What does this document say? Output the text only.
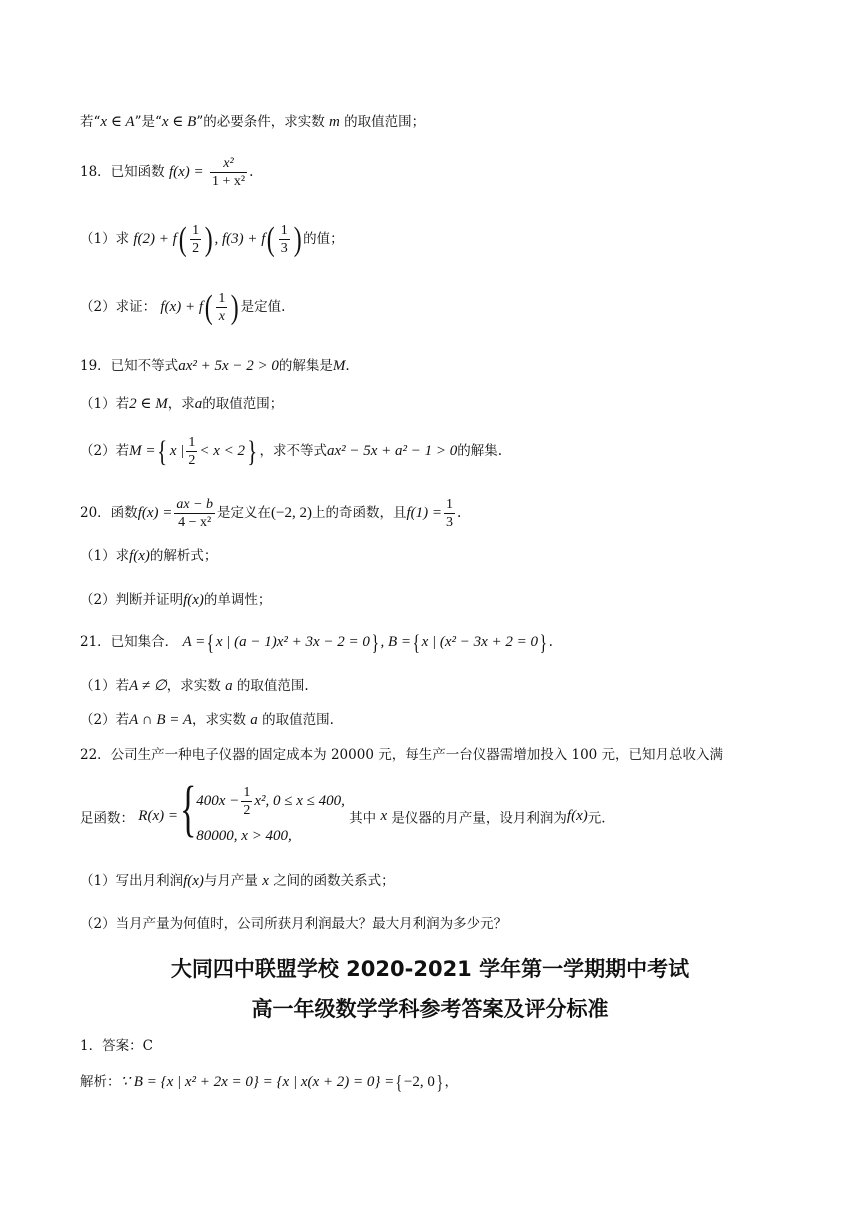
若“x ∈ A”是“x ∈ B”的必要条件，求实数 m 的取值范围；
18．已知函数 $f(x) = \frac{\text{x²}}{\text{1 + x²}}$ .
（1）求 $f(2) + f( \frac{1}{2}$ ) , $f(3) + f( \frac{1}{3}$ ) 的值；
（2）求证： $f(x) + f( \frac{1}{x}$ ) 是定值.
19．已知不等式ax² + 5x − 2 > 0的解集是M.
（1）若2 ∈ M，求a的取值范围；
（2）若M ={ x | $\frac{1}{2} < x < 2$} ，求不等式ax² − 5x + a² − 1 > 0的解集.
20．函数$f(x) = \frac{ax - b}{\text{4 − x²}}$ 是定义在(−2, 2)上的奇函数，且$f(1) = \frac{1}{3}$ .
（1）求f(x)的解析式；
（2）判断并证明f(x)的单调性；
21．已知集合． A ={ x | (a − 1)x² + 3x − 2 = 0} , B ={ x | (x² − 3x + 2 = 0} .
（1）若A ≠ ∅，求实数 a 的取值范围.
（2）若A ∩ B = A，求实数 a 的取值范围.
22．公司生产一种电子仪器的固定成本为 20000 元，每生产一台仪器需增加投入 100 元，已知月总收入满
足函数： R(x) = { $400x - \frac{1}{2} x^2$, 0 ≤ x ≤ 400,
80000, x > 400,
其中 x 是仪器的月产量，设月利润为f(x)元.
（1）写出月利润f(x)与月产量 x 之间的函数关系式；
（2）当月产量为何值时，公司所获月利润最大？最大月利润为多少元？
大同四中联盟学校 2020-2021 学年第一学期期中考试
高一年级数学学科参考答案及评分标准
1．答案：C
解析：∵ B = {x | x² + 2x = 0} = {x | x(x + 2) = 0} ={−2, 0}，
